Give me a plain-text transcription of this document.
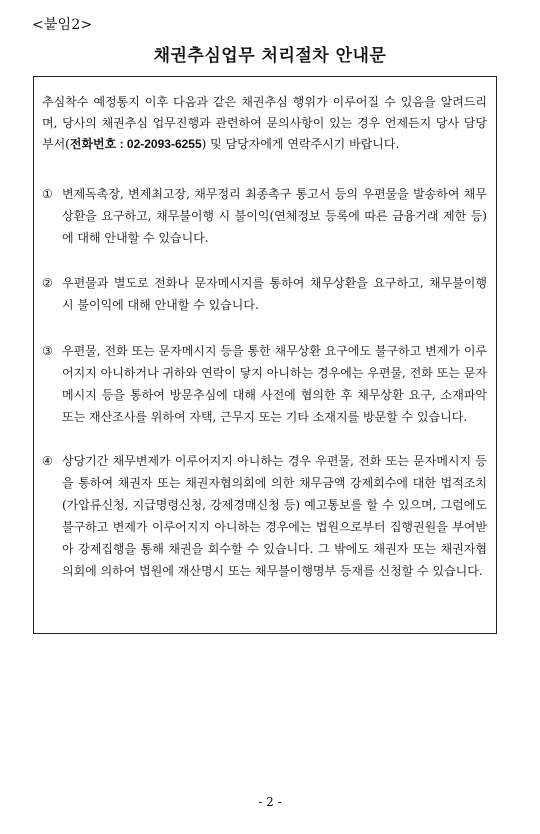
<붙임2>
채권추심업무 처리절차 안내문

추심착수 예정통지 이후 다음과 같은 채권추심 행위가 이루어질 수 있음을 알려드리며, 당사의 채권추심 업무진행과 관련하여 문의사항이 있는 경우 언제든지 당사 담당부서(전화번호 : 02-2093-6255) 및 담당자에게 연락주시기 바랍니다.

① 변제독촉장, 변제최고장, 채무정리 최종촉구 통고서 등의 우편물을 발송하여 채무상환을 요구하고, 채무불이행 시 불이익(연체정보 등록에 따른 금융거래 제한 등)에 대해 안내할 수 있습니다.
② 우편물과 별도로 전화나 문자메시지를 통하여 채무상환을 요구하고, 채무불이행 시 불이익에 대해 안내할 수 있습니다.
③ 우편물, 전화 또는 문자메시지 등을 통한 채무상환 요구에도 불구하고 변제가 이루어지지 아니하거나 귀하와 연락이 닿지 아니하는 경우에는 우편물, 전화 또는 문자메시지 등을 통하여 방문추심에 대해 사전에 협의한 후 채무상환 요구, 소재파악 또는 재산조사를 위하여 자택, 근무지 또는 기타 소재지를 방문할 수 있습니다.
④ 상당기간 채무변제가 이루어지지 아니하는 경우 우편물, 전화 또는 문자메시지 등을 통하여 채권자 또는 채권자협의회에 의한 채무금액 강제회수에 대한 법적조치(가압류신청, 지급명령신청, 강제경매신청 등) 예고통보를 할 수 있으며, 그럼에도 불구하고 변제가 이루어지지 아니하는 경우에는 법원으로부터 집행권원을 부여받아 강제집행을 통해 채권을 회수할 수 있습니다. 그 밖에도 채권자 또는 채권자협의회에 의하여 법원에 재산명시 또는 채무불이행명부 등재를 신청할 수 있습니다.
- 2 -
